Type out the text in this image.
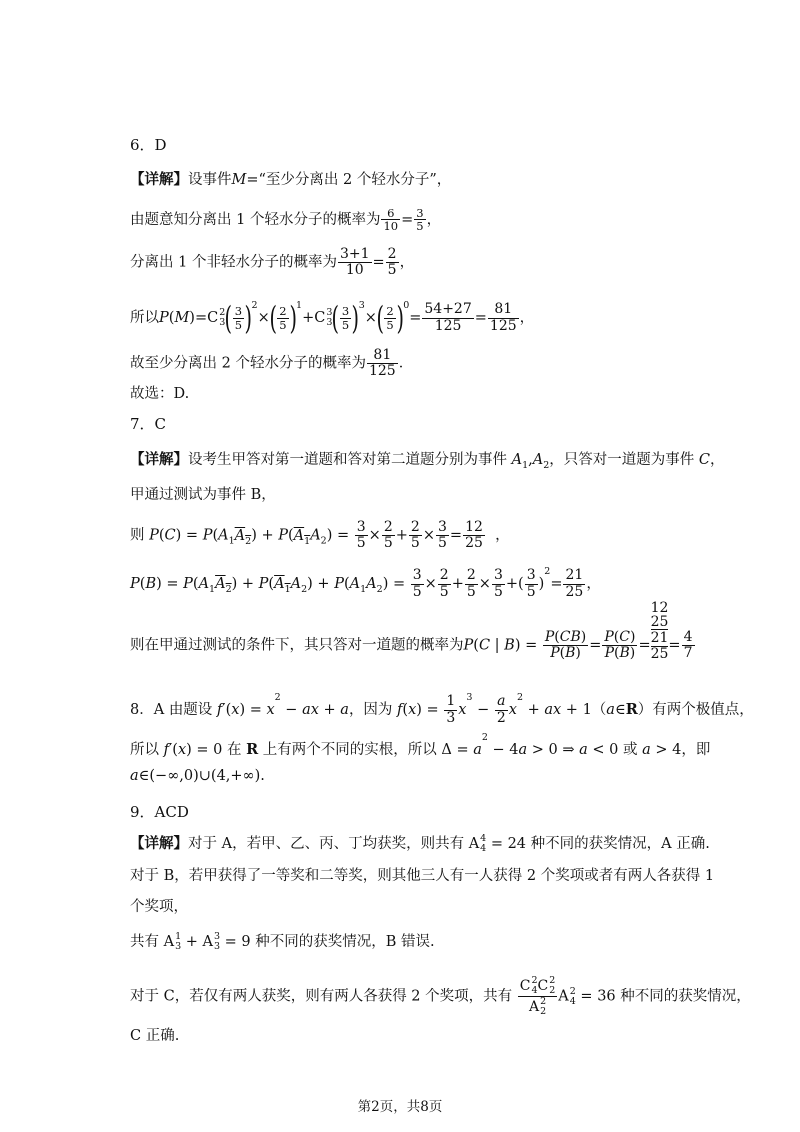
6．D
【详解】设事件M=“至少分离出 2 个轻水分子”，
由题意知分离出 1 个轻水分子的概率为 $\frac{6}{10} = \frac{3}{5}$ ，
分离出 1 个非轻水分子的概率为 $\frac{3+1}{10} = \frac{2}{5}$ ，
所以P(M)=C 2
3 ( $\frac{3}{5} )^2\times( \frac{2}{5} )^1+C$ 3
3 ( $\frac{3}{5} )^3\times( \frac{2}{5} )^0= \frac{54+27}{125} = \frac{81}{125}$ ，
故至少分离出 2 个轻水分子的概率为 $\frac{81}{125}$ ．
故选：D.
7．C
【详解】设考生甲答对第一道题和答对第二道题分别为事件 $A_1,A_2$，只答对一道题为事件 C，
甲通过测试为事件 B，
则 $P(C) = P(A_1A_2) + P(A_1A_2) = \frac{3}{5} \times \frac{2}{5} + \frac{2}{5} \times \frac{3}{5} = \frac{12}{25}$ ，
$P(B) = P(A_1A_2) + P(A_1A_2) + P(A_1A_2) = \frac{3}{5} \times \frac{2}{5} + \frac{2}{5} \times \frac{3}{5}$ +( $\frac{3}{5} )^2= \frac{21}{25}$ ，
则在甲通过测试的条件下，其只答对一道题的概率为P(C | $B) = \frac{P(CB)}{P(B)} = \frac{P(C)}{P(B)}$ =
12
25
21
$25 = \frac{4}{7}$
8．A 由题设 $f'(x) = x^2$ − ax + a，因为 $f(x) = \frac{1}{3} x^3 - \frac{a}{2} x^2$ + ax + 1（a∈R）有两个极值点，
所以 f′(x) = 0 在 R 上有两个不同的实根，所以 $\Delta = a^2 - 4a > 0$ ⇒ a < 0 或 a > 4，即
a∈(−∞,0)∪(4,+∞).
9．ACD
【详解】对于 A，若甲、乙、丙、丁均获奖，则共有 A 4
4 = 24 种不同的获奖情况，A 正确.
对于 B，若甲获得了一等奖和二等奖，则其他三人有一人获得 2 个奖项或者有两人各获得 1
个奖项，
共有 A 1
3 + A 3
3 = 9 种不同的获奖情况，B 错误.
对于 C，若仅有两人获奖，则有两人各获得 2 个奖项，共有 C 2
4 C 2
2
A 2
2 A 2
4 = 36 种不同的获奖情况，
C 正确.
第2页，共8页
